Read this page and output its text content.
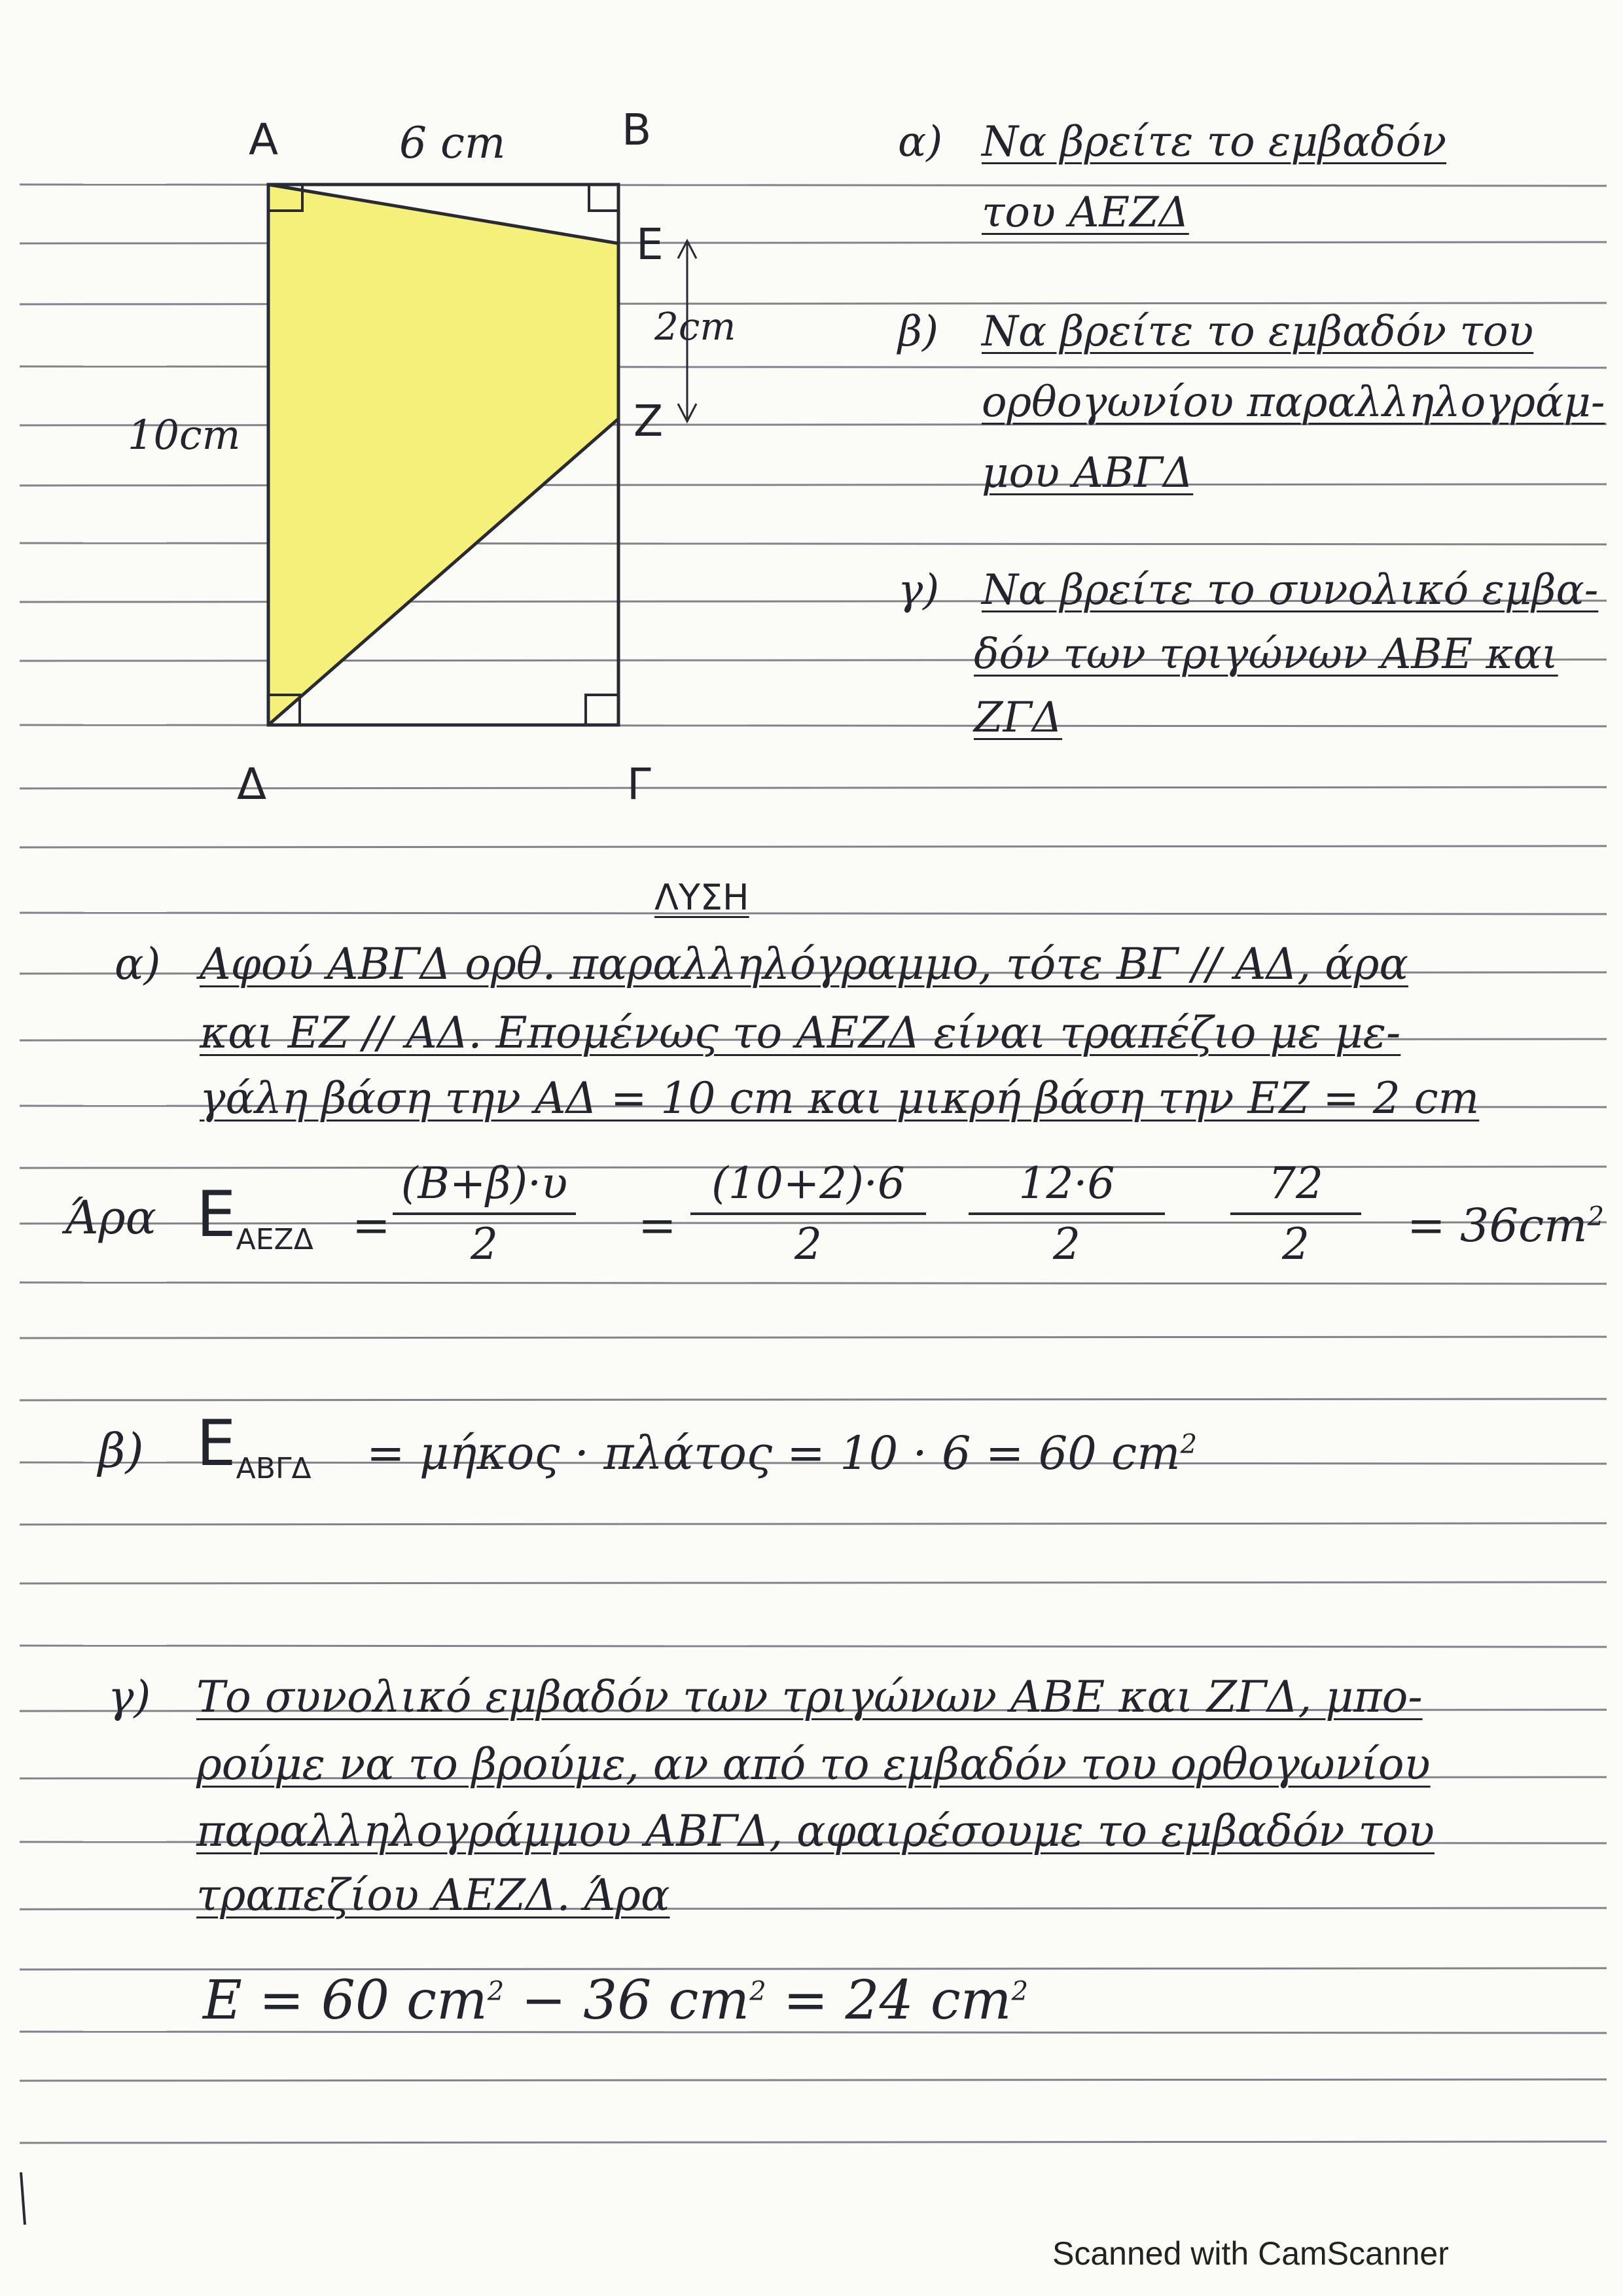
A	B
Γ
Δ
E
Z
6 cm
10cm
2cm
α) Να βρείτε το εμβαδόν
του ΑΕΖΔ
β) Να βρείτε το εμβαδόν του
ορθογωνίου παραλληλογράμ-
μου ΑΒΓΔ
γ) Να βρείτε το συνολικό εμβα-
δόν των τριγώνων ΑΒΕ και
ΖΓΔ
ΛΥΣΗ
α) Αφού ΑΒΓΔ ορθ. παραλληλόγραμμο, τότε ΒΓ // ΑΔ, άρα
και ΕΖ // ΑΔ. Επομένως το ΑΕΖΔ είναι τραπέζιο με με-
γάλη βάση την ΑΔ = 10 cm και μικρή βάση την ΕΖ = 2 cm
Άρα $E_{AEZ\Delta} = \frac{(B+\beta)\cdot\upsilon}{2} = \frac{(10+2)\cdot 6}{2} \frac{12\cdot 6}{2} \frac{72}{2} = 36cm^2$
β) $E_{AB\Gamma\Delta} = \mu ή\kappa o\varsigma \cdot \pi\lambda ά\tau o\varsigma = 10 \cdot 6 = 60$ $cm^2$
γ) Το συνολικό εμβαδόν των τριγώνων ΑΒΕ και ΖΓΔ, μπο-
ρούμε να το βρούμε, αν από το εμβαδόν του ορθογωνίου
παραλληλογράμμου ΑΒΓΔ, αφαιρέσουμε το εμβαδόν του
τραπεζίου ΑΕΖΔ. Άρα
E = 60 $cm^2 - 36$ $cm^2 = 24$ $cm^2$
Scanned with CamScanner
